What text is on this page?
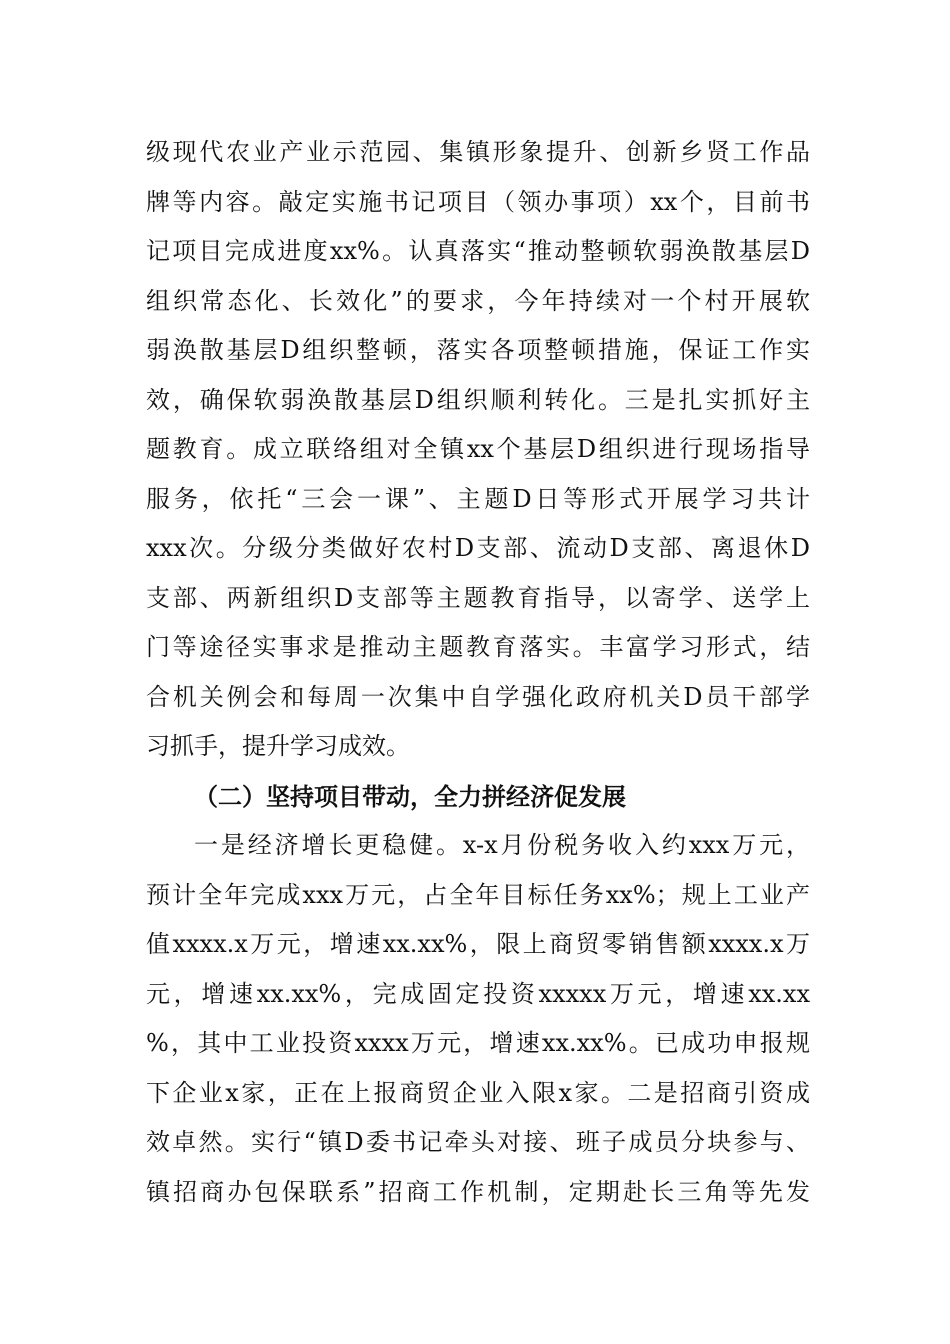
级现代农业产业示范园、集镇形象提升、创新乡贤工作品
牌等内容。敲定实施书记项目（领办事项）xx个，目前书
记项目完成进度xx%。认真落实“推动整顿软弱涣散基层D
组织常态化、长效化”的要求，今年持续对一个村开展软
弱涣散基层D组织整顿，落实各项整顿措施，保证工作实
效，确保软弱涣散基层D组织顺利转化。三是扎实抓好主
题教育。成立联络组对全镇xx个基层D组织进行现场指导
服务，依托“三会一课”、主题D日等形式开展学习共计
xxx次。分级分类做好农村D支部、流动D支部、离退休D
支部、两新组织D支部等主题教育指导，以寄学、送学上
门等途径实事求是推动主题教育落实。丰富学习形式，结
合机关例会和每周一次集中自学强化政府机关D员干部学
习抓手，提升学习成效。
（二）坚持项目带动，全力拼经济促发展
一是经济增长更稳健。x-x月份税务收入约xxx万元，
预计全年完成xxx万元，占全年目标任务xx%；规上工业产
值xxxx.x万元，增速xx.xx%，限上商贸零销售额xxxx.x万
元，增速xx.xx%，完成固定投资xxxxx万元，增速xx.xx
%，其中工业投资xxxx万元，增速xx.xx%。已成功申报规
下企业x家，正在上报商贸企业入限x家。二是招商引资成
效卓然。实行“镇D委书记牵头对接、班子成员分块参与、
镇招商办包保联系”招商工作机制，定期赴长三角等先发
